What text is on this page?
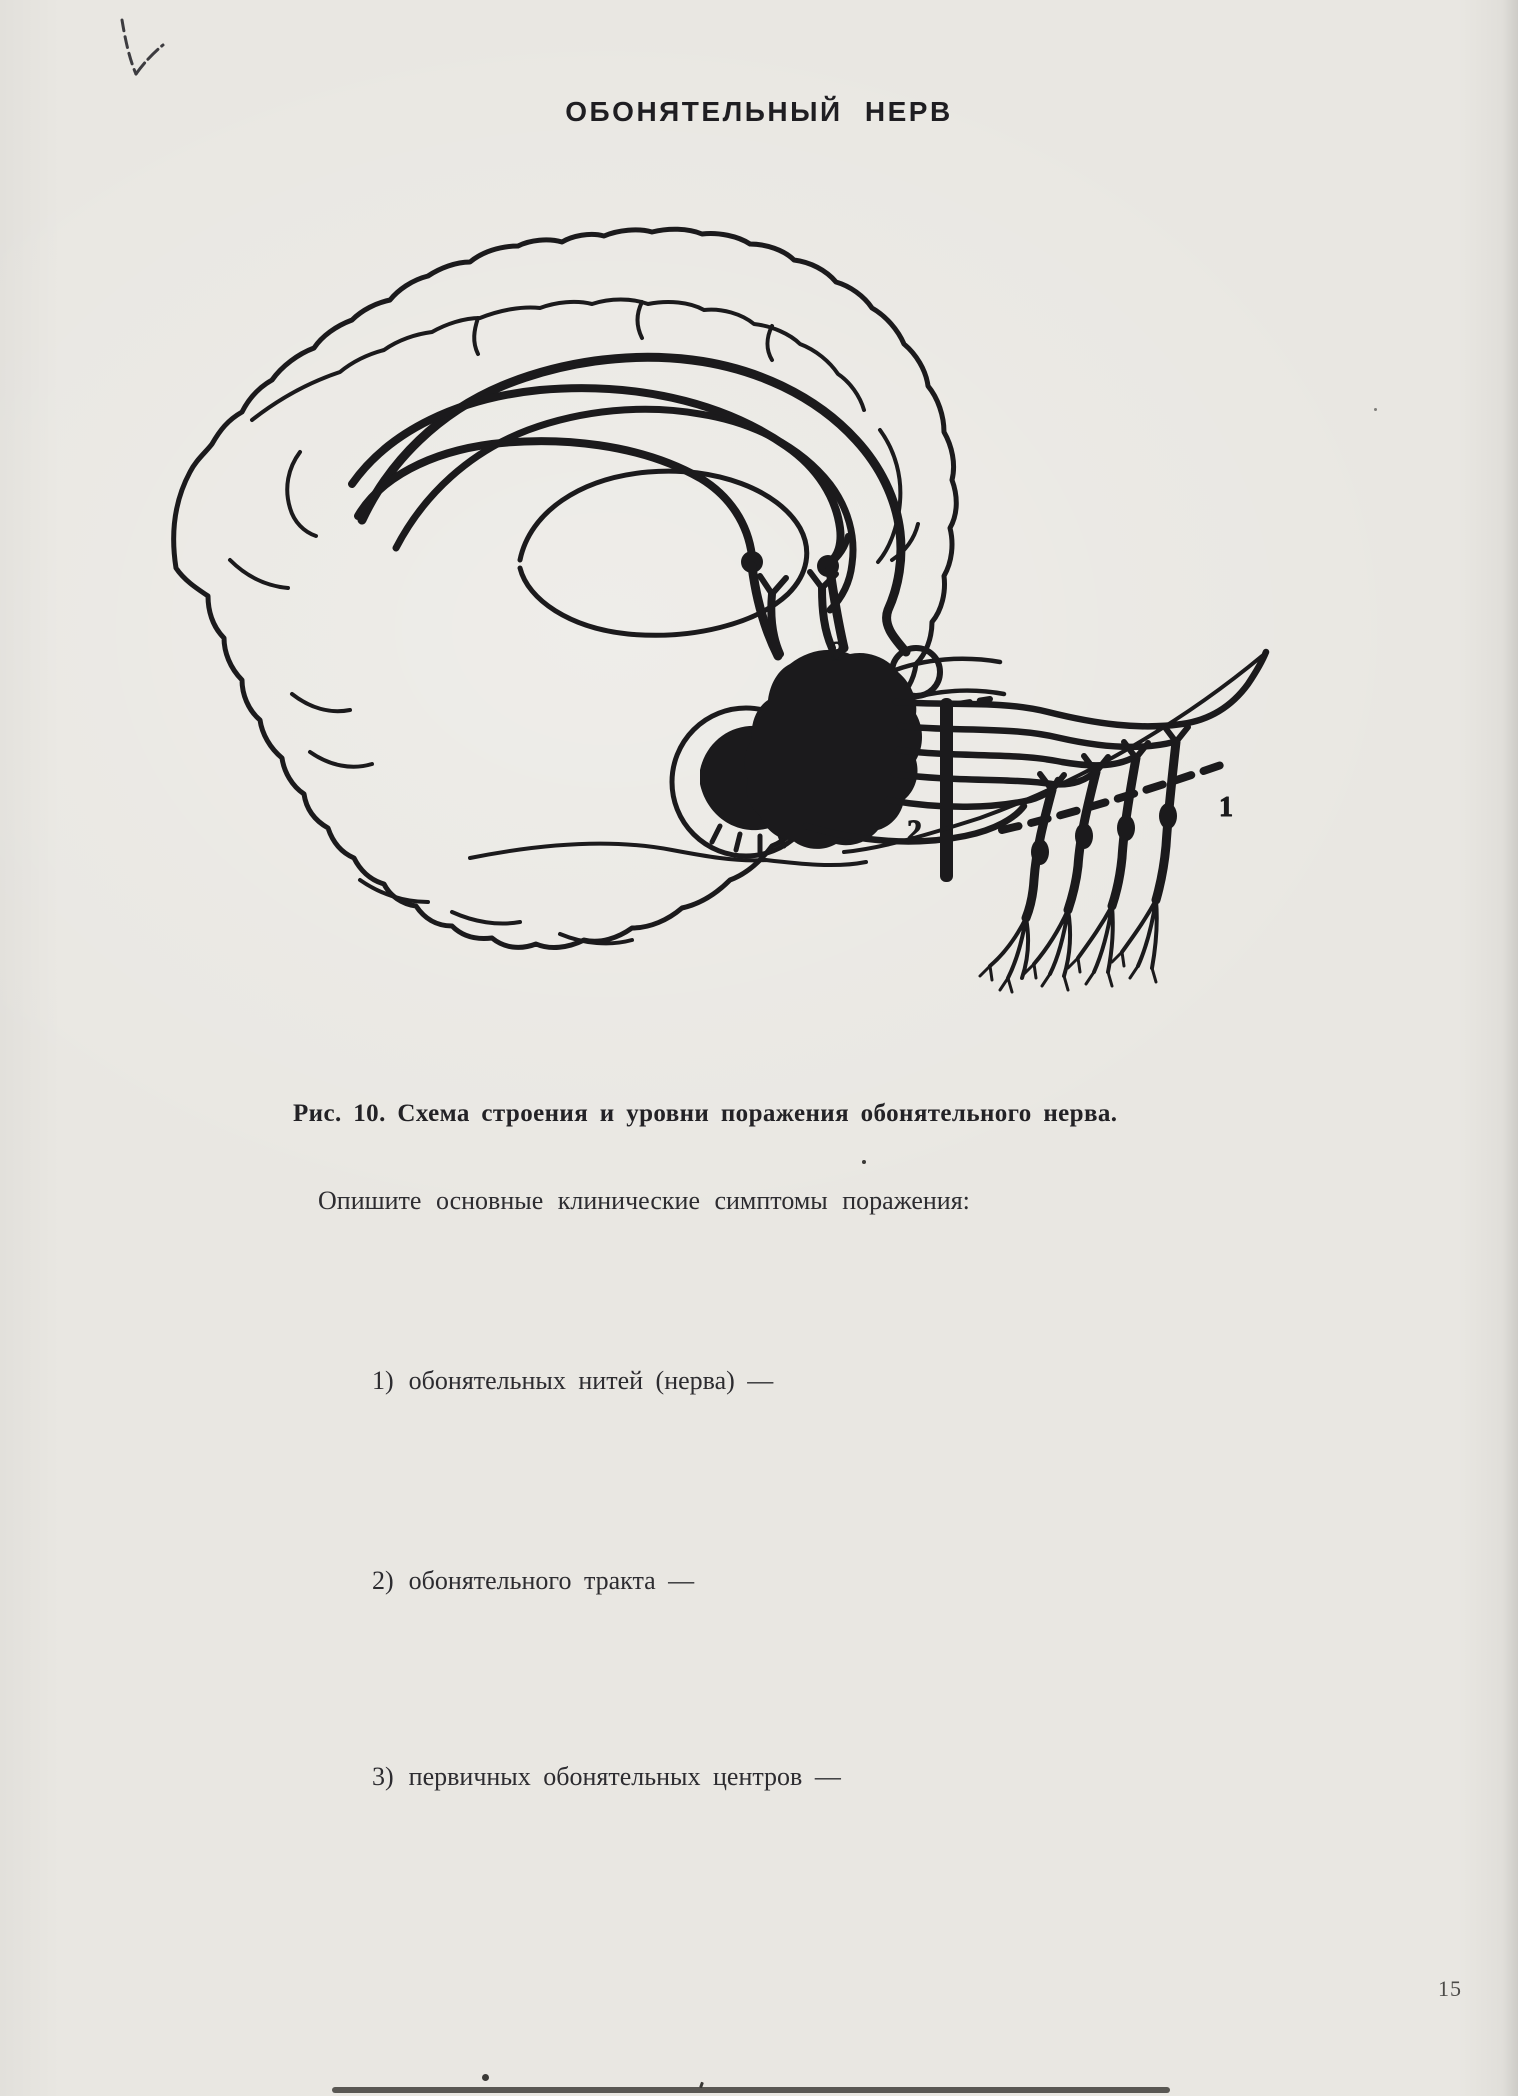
ОБОНЯТЕЛЬНЫЙ НЕРВ
3
2
1
Рис. 10. Схема строения и уровни поражения обонятельного нерва.
Опишите основные клинические симптомы поражения:
1) обонятельных нитей (нерва) —
2) обонятельного тракта —
3) первичных обонятельных центров —
15
